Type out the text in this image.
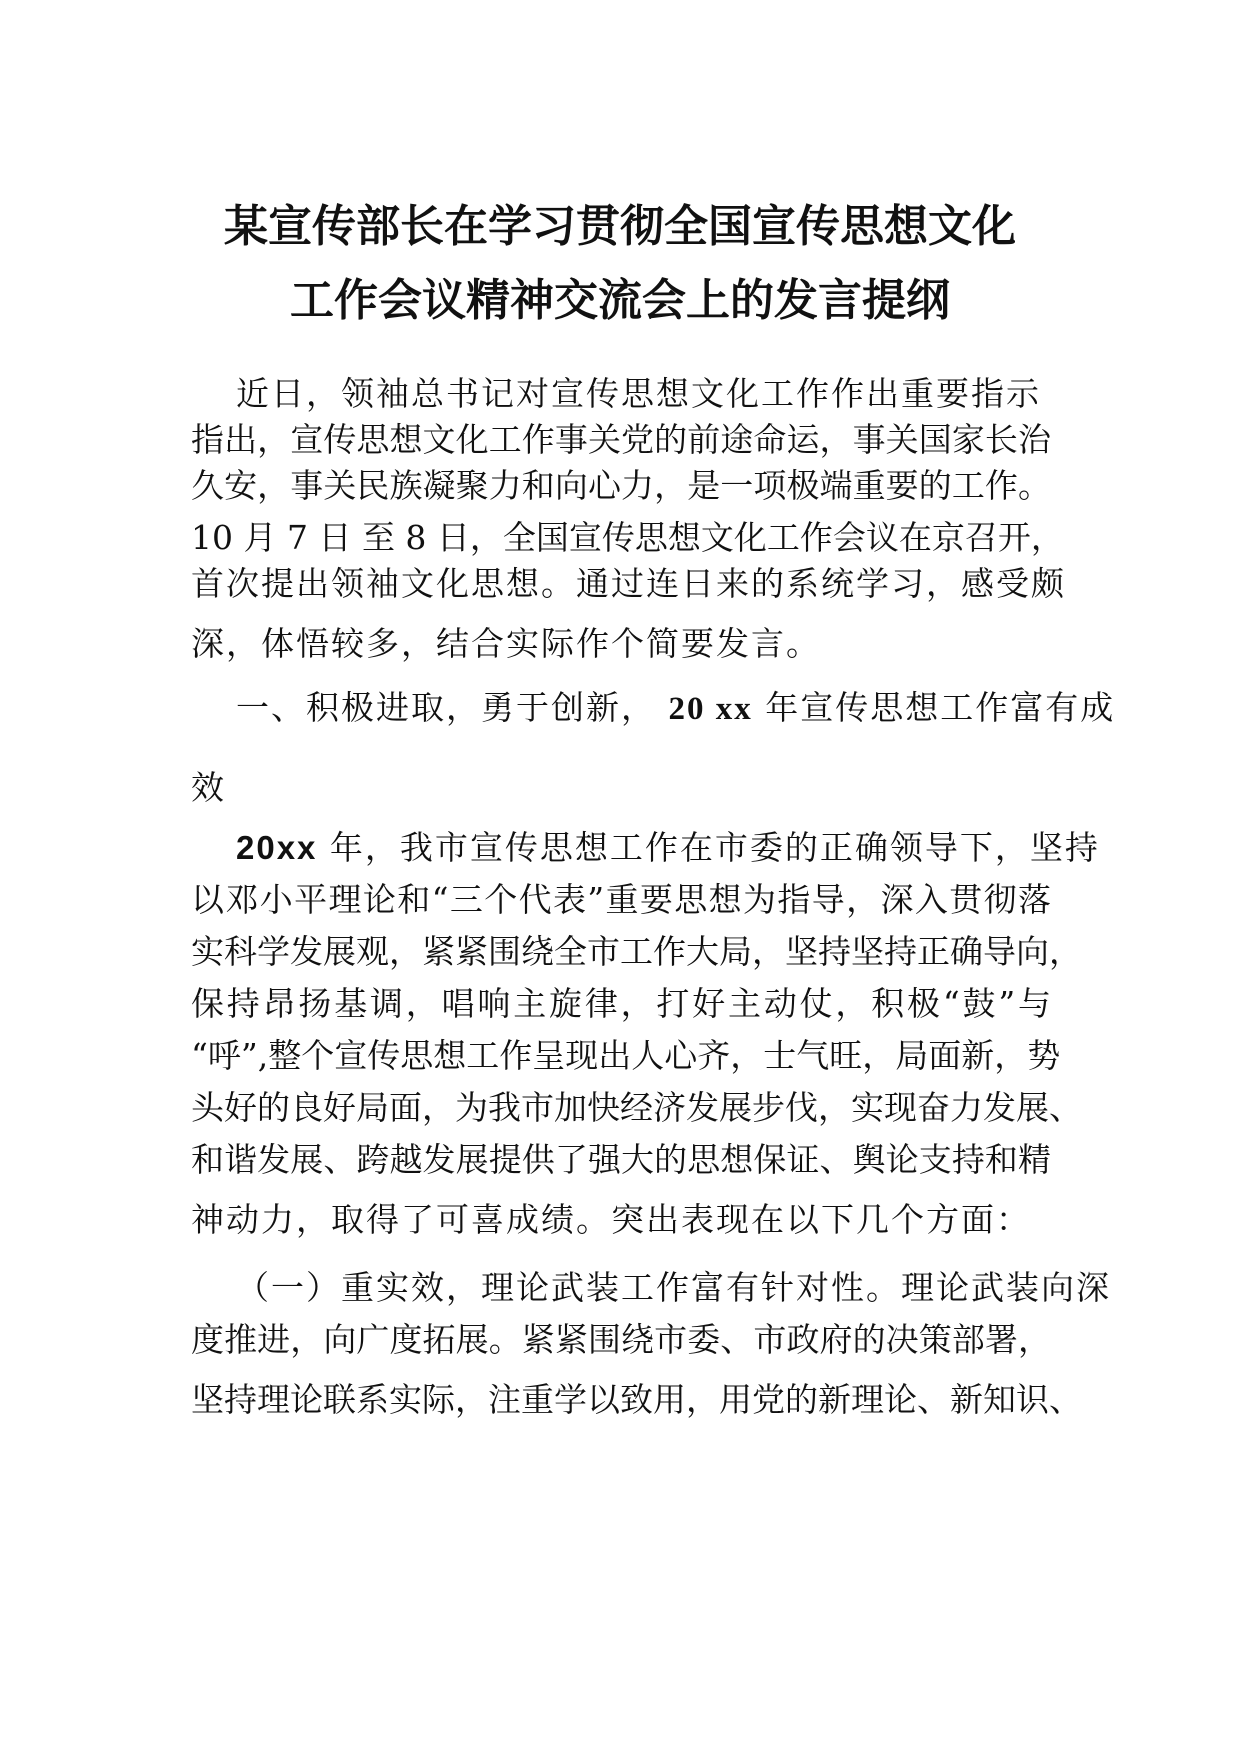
某宣传部长在学习贯彻全国宣传思想文化
工作会议精神交流会上的发言提纲
近日，领袖总书记对宣传思想文化工作作出重要指示
指出，宣传思想文化工作事关党的前途命运，事关国家长治
久安，事关民族凝聚力和向心力，是一项极端重要的工作。
10 月 7 日 至 8 日，全国宣传思想文化工作会议在京召开，
首次提出领袖文化思想。通过连日来的系统学习，感受颇
深，体悟较多，结合实际作个简要发言。
一、积极进取，勇于创新， 20 xx 年宣传思想工作富有成
效
20xx 年，我市宣传思想工作在市委的正确领导下，坚持
以邓小平理论和“三个代表”重要思想为指导，深入贯彻落
实科学发展观，紧紧围绕全市工作大局，坚持坚持正确导向，
保持昂扬基调，唱响主旋律，打好主动仗，积极“鼓”与
“呼”,整个宣传思想工作呈现出人心齐，士气旺，局面新，势
头好的良好局面，为我市加快经济发展步伐，实现奋力发展、
和谐发展、跨越发展提供了强大的思想保证、舆论支持和精
神动力，取得了可喜成绩。突出表现在以下几个方面：
（一）重实效，理论武装工作富有针对性。理论武装向深
度推进，向广度拓展。紧紧围绕市委、市政府的决策部署，
坚持理论联系实际，注重学以致用，用党的新理论、新知识、
